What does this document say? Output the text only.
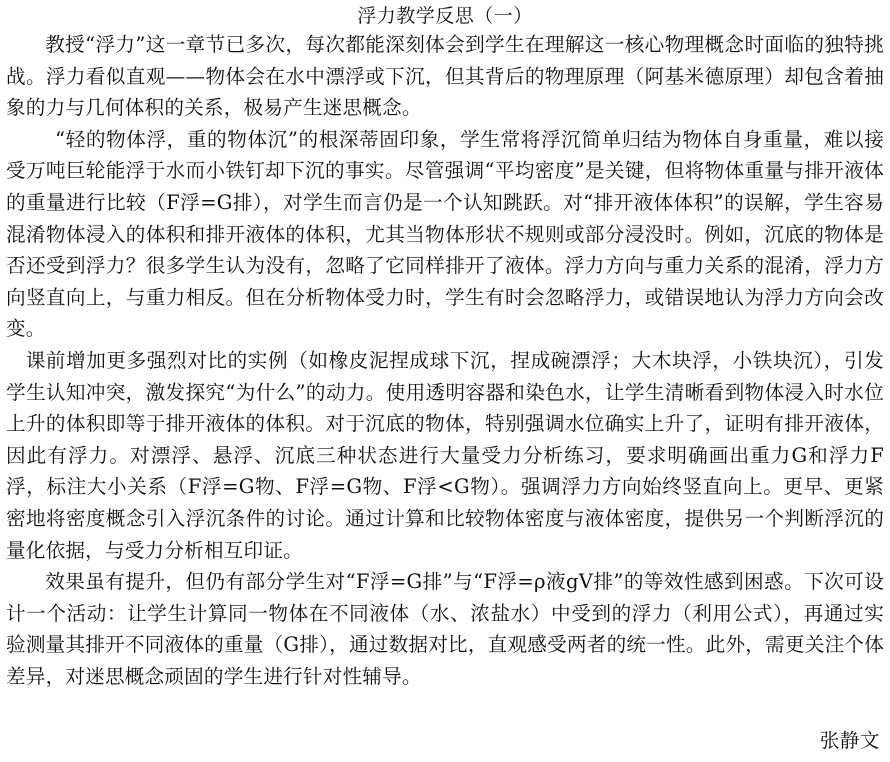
浮力教学反思（一）

教授“浮力”这一章节已多次，每次都能深刻体会到学生在理解这一核心物理概念时面临的独特挑战。浮力看似直观——物体会在水中漂浮或下沉，但其背后的物理原理（阿基米德原理）却包含着抽象的力与几何体积的关系，极易产生迷思概念。

“轻的物体浮，重的物体沉”的根深蒂固印象，学生常将浮沉简单归结为物体自身重量，难以接受万吨巨轮能浮于水而小铁钉却下沉的事实。尽管强调“平均密度”是关键，但将物体重量与排开液体的重量进行比较（F浮=G排），对学生而言仍是一个认知跳跃。对“排开液体体积”的误解，学生容易混淆物体浸入的体积和排开液体的体积，尤其当物体形状不规则或部分浸没时。例如，沉底的物体是否还受到浮力？很多学生认为没有，忽略了它同样排开了液体。浮力方向与重力关系的混淆，浮力方向竖直向上，与重力相反。但在分析物体受力时，学生有时会忽略浮力，或错误地认为浮力方向会改变。

课前增加更多强烈对比的实例（如橡皮泥捏成球下沉，捏成碗漂浮；大木块浮，小铁块沉），引发学生认知冲突，激发探究“为什么”的动力。使用透明容器和染色水，让学生清晰看到物体浸入时水位上升的体积即等于排开液体的体积。对于沉底的物体，特别强调水位确实上升了，证明有排开液体，因此有浮力。对漂浮、悬浮、沉底三种状态进行大量受力分析练习，要求明确画出重力G和浮力F浮，标注大小关系（F浮=G物、F浮=G物、F浮<G物）。强调浮力方向始终竖直向上。更早、更紧密地将密度概念引入浮沉条件的讨论。通过计算和比较物体密度与液体密度，提供另一个判断浮沉的量化依据，与受力分析相互印证。

效果虽有提升，但仍有部分学生对“F浮=G排”与“F浮=ρ液gV排”的等效性感到困惑。下次可设计一个活动：让学生计算同一物体在不同液体（水、浓盐水）中受到的浮力（利用公式），再通过实验测量其排开不同液体的重量（G排），通过数据对比，直观感受两者的统一性。此外，需更关注个体差异，对迷思概念顽固的学生进行针对性辅导。

张静文
